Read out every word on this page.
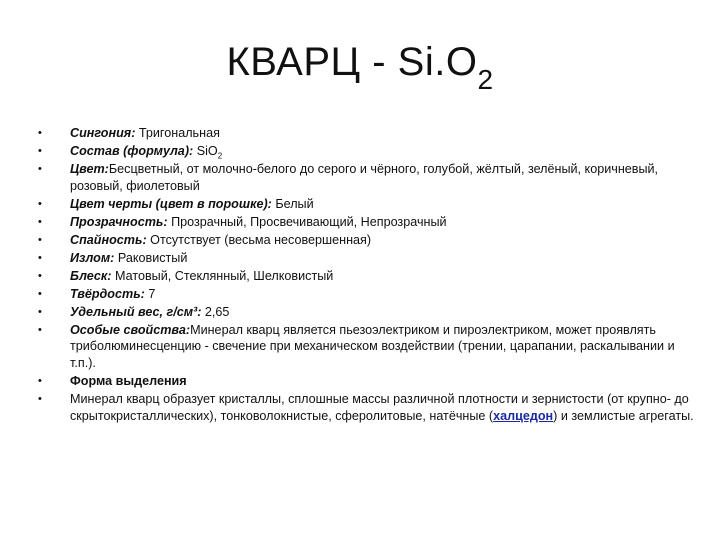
КВАРЦ - $Si.O_2$
•	Сингония: Тригональная
•	Состав (формула): SiO$_2$
•	Цвет:Бесцветный, от молочно-белого до серого и чёрного, голубой, жёлтый, зелёный, коричневый, розовый, фиолетовый
•	Цвет черты (цвет в порошке): Белый
•	Прозрачность: Прозрачный, Просвечивающий, Непрозрачный
•	Спайность: Отсутствует (весьма несовершенная)
•	Излом: Раковистый
•	Блеск: Матовый, Стеклянный, Шелковистый
•	Твёрдость: 7
•	Удельный вес, г/см³: 2,65
•	Особые свойства:Минерал кварц является пьезоэлектриком и пироэлектриком, может проявлять триболюминесценцию - свечение при механическом воздействии (трении, царапании, раскалывании и т.п.).
•	Форма выделения
•	Минерал кварц образует кристаллы, сплошные массы различной плотности и зернистости (от крупно- до скрытокристаллических), тонковолокнистые, сферолитовые, натёчные (халцедон) и землистые агрегаты.
